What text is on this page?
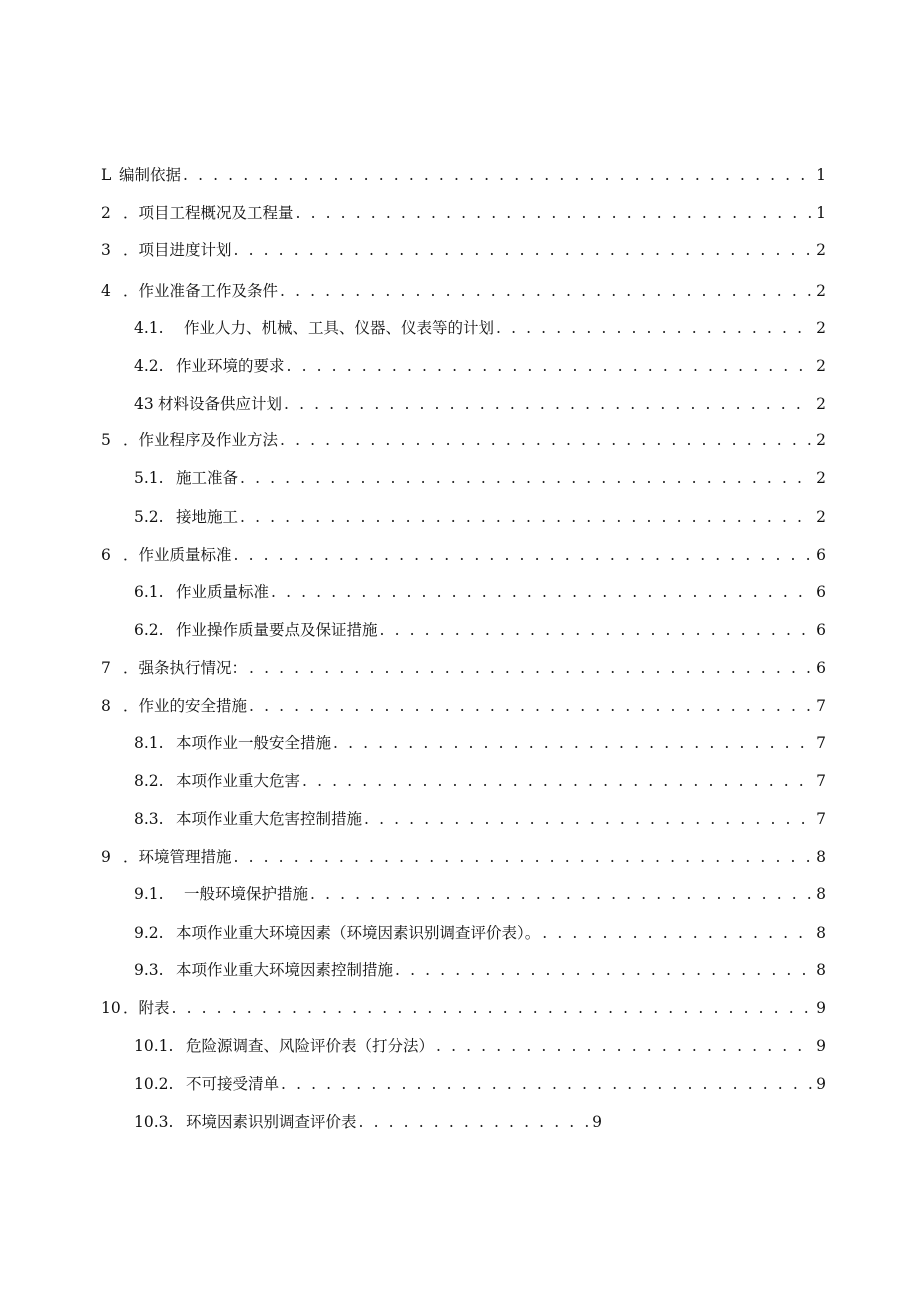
L 编制依据 . . .	1
2 ．项目工程概况及工程量 . . .	1
3 ．项目进度计划 . . .	2
4 ．作业准备工作及条件 . . .	2
4.1.	作业人力、机械、工具、仪器、仪表等的计划 . . .	2
4.2. 作业环境的要求 . . .	2
43 材料设备供应计划 . . .	2
5 ．作业程序及作业方法 . . .	2
5.1. 施工准备 . . .	2
5.2. 接地施工 . . .	2
6 ．作业质量标准 . . .	6
6.1. 作业质量标准 . . .	6
6.2. 作业操作质量要点及保证措施 . . .	6
7 ．强条执行情况： . . .	6
8 ．作业的安全措施 . . .	7
8.1. 本项作业一般安全措施 . . .	7
8.2. 本项作业重大危害 . . .	7
8.3. 本项作业重大危害控制措施 . . .	7
9 ．环境管理措施 . . .	8
9.1.	一般环境保护措施 . . .	8
9.2. 本项作业重大环境因素（环境因素识别调查评价表）。 . . .	8
9.3. 本项作业重大环境因素控制措施 . . .	8
10 ．附表 . . .	9
10.1. 危险源调查、风险评价表（打分法） . . .	9
10.2. 不可接受清单 . . .	9
10.3. 环境因素识别调查评价表 . . .	9
